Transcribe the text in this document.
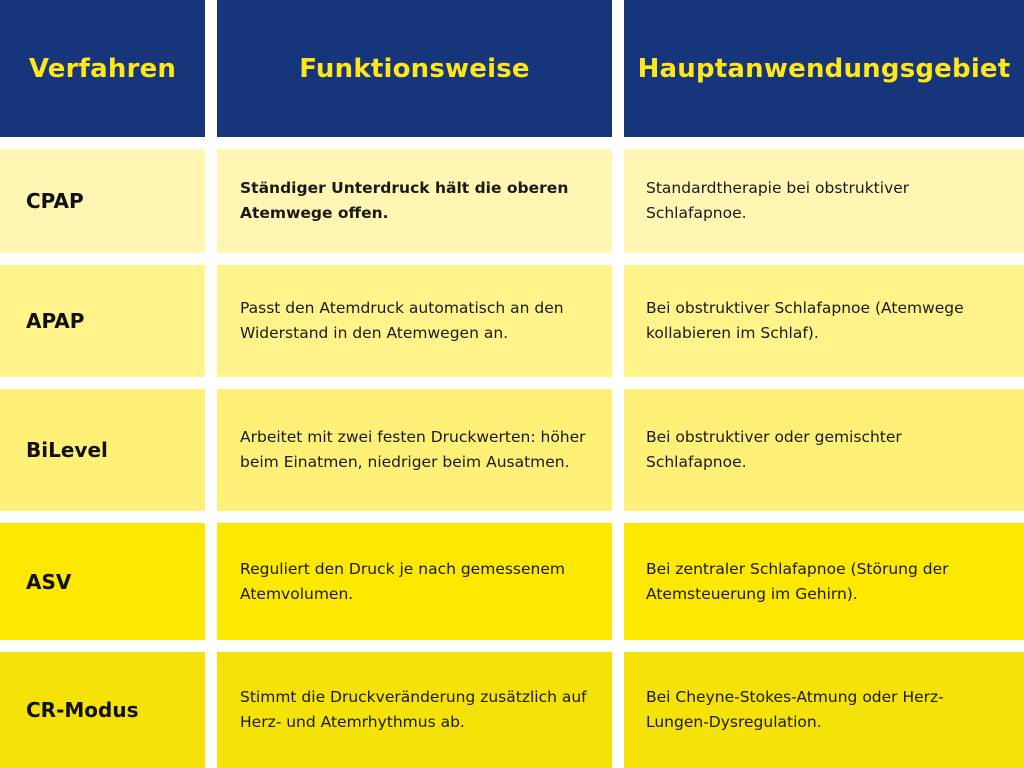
Verfahren	Funktionsweise	Hauptanwendungsgebiet
CPAP
Ständiger Unterdruck hält die oberen Atemwege offen.
Standardtherapie bei obstruktiver Schlafapnoe.
APAP
Passt den Atemdruck automatisch an den Widerstand in den Atemwegen an.
Bei obstruktiver Schlafapnoe (Atemwege kollabieren im Schlaf).
BiLevel
Arbeitet mit zwei festen Druckwerten: höher beim Einatmen, niedriger beim Ausatmen.
Bei obstruktiver oder gemischter Schlafapnoe.
ASV
Reguliert den Druck je nach gemessenem Atemvolumen.
Bei zentraler Schlafapnoe (Störung der Atemsteuerung im Gehirn).
CR-Modus
Stimmt die Druckveränderung zusätzlich auf Herz- und Atemrhythmus ab.
Bei Cheyne-Stokes-Atmung oder Herz-Lungen-Dysregulation.
